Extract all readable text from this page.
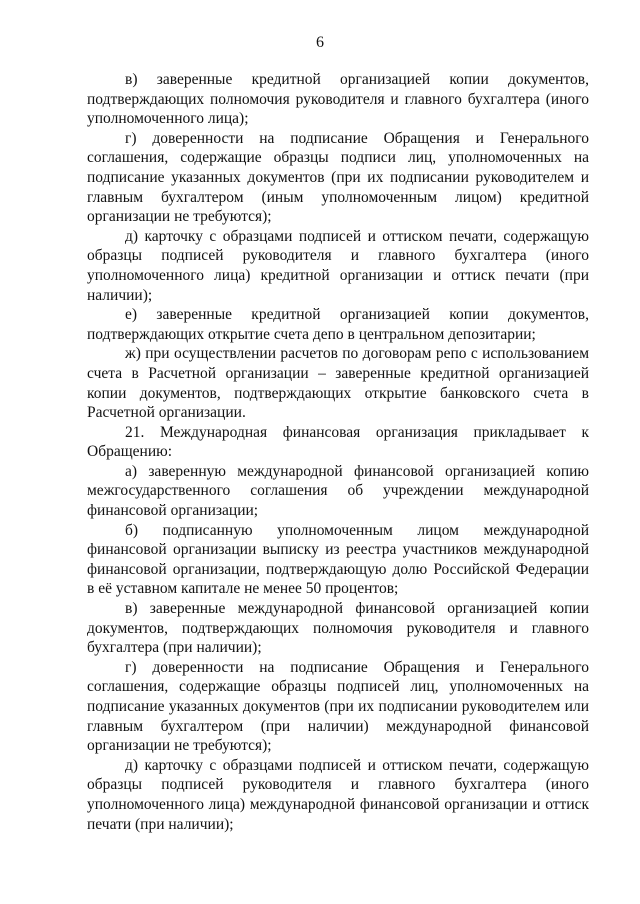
6

в) заверенные кредитной организацией копии документов, подтверждающих полномочия руководителя и главного бухгалтера (иного уполномоченного лица);

г) доверенности на подписание Обращения и Генерального соглашения, содержащие образцы подписи лиц, уполномоченных на подписание указанных документов (при их подписании руководителем и главным бухгалтером (иным уполномоченным лицом) кредитной организации не требуются);

д) карточку с образцами подписей и оттиском печати, содержащую образцы подписей руководителя и главного бухгалтера (иного уполномоченного лица) кредитной организации и оттиск печати (при наличии);

е) заверенные кредитной организацией копии документов, подтверждающих открытие счета депо в центральном депозитарии;

ж) при осуществлении расчетов по договорам репо с использованием счета в Расчетной организации – заверенные кредитной организацией копии документов, подтверждающих открытие банковского счета в Расчетной организации.

21. Международная финансовая организация прикладывает к Обращению:

а) заверенную международной финансовой организацией копию межгосударственного соглашения об учреждении международной финансовой организации;

б) подписанную уполномоченным лицом международной финансовой организации выписку из реестра участников международной финансовой организации, подтверждающую долю Российской Федерации в её уставном капитале не менее 50 процентов;

в) заверенные международной финансовой организацией копии документов, подтверждающих полномочия руководителя и главного бухгалтера (при наличии);

г) доверенности на подписание Обращения и Генерального соглашения, содержащие образцы подписей лиц, уполномоченных на подписание указанных документов (при их подписании руководителем или главным бухгалтером (при наличии) международной финансовой организации не требуются);

д) карточку с образцами подписей и оттиском печати, содержащую образцы подписей руководителя и главного бухгалтера (иного уполномоченного лица) международной финансовой организации и оттиск печати (при наличии);
